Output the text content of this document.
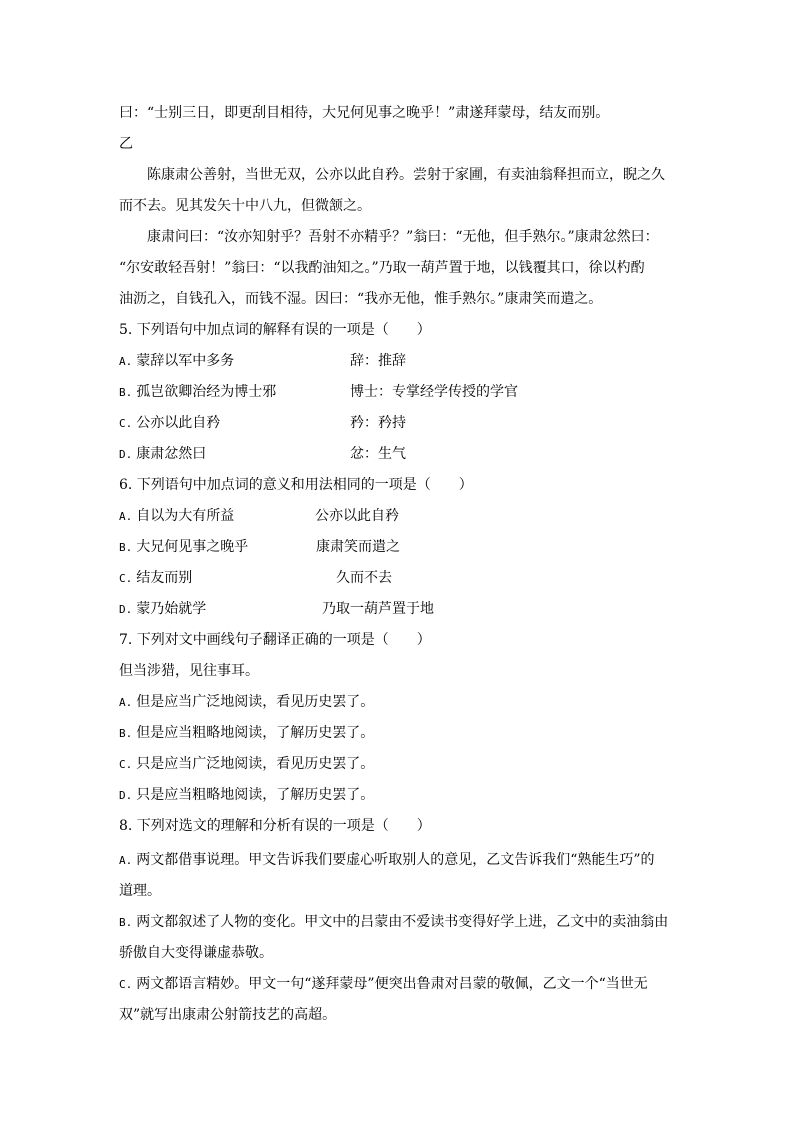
曰：“士别三日，即更刮目相待，大兄何见事之晚乎！”肃遂拜蒙母，结友而别。
乙
陈康肃公善射，当世无双，公亦以此自矜。尝射于家圃，有卖油翁释担而立，睨之久
而不去。见其发矢十中八九，但微颔之。
康肃问曰：“汝亦知射乎？吾射不亦精乎？”翁曰：“无他，但手熟尔。”康肃忿然曰：
“尔安敢轻吾射！”翁曰：“以我酌油知之。”乃取一葫芦置于地，以钱覆其口，徐以杓酌
油沥之，自钱孔入，而钱不湿。因曰：“我亦无他，惟手熟尔。”康肃笑而遣之。
5. 下列语句中加点词的解释有误的一项是（　　）
A. 蒙辞以军中多务	辞：推辞
B. 孤岂欲卿治经为博士邪	博士：专掌经学传授的学官
C. 公亦以此自矜	矜：矜持
D. 康肃忿然曰	忿：生气
6. 下列语句中加点词的意义和用法相同的一项是（　　）
A. 自以为大有所益	公亦以此自矜
B. 大兄何见事之晚乎	康肃笑而遣之
C. 结友而别	久而不去
D. 蒙乃始就学	乃取一葫芦置于地
7. 下列对文中画线句子翻译正确的一项是（　　）
但当涉猎，见往事耳。
A. 但是应当广泛地阅读，看见历史罢了。
B. 但是应当粗略地阅读，了解历史罢了。
C. 只是应当广泛地阅读，看见历史罢了。
D. 只是应当粗略地阅读，了解历史罢了。
8. 下列对选文的理解和分析有误的一项是（　　）
A. 两文都借事说理。甲文告诉我们要虚心听取别人的意见，乙文告诉我们“熟能生巧”的
道理。
B. 两文都叙述了人物的变化。甲文中的吕蒙由不爱读书变得好学上进，乙文中的卖油翁由
骄傲自大变得谦虚恭敬。
C. 两文都语言精妙。甲文一句“遂拜蒙母”便突出鲁肃对吕蒙的敬佩，乙文一个“当世无
双”就写出康肃公射箭技艺的高超。
